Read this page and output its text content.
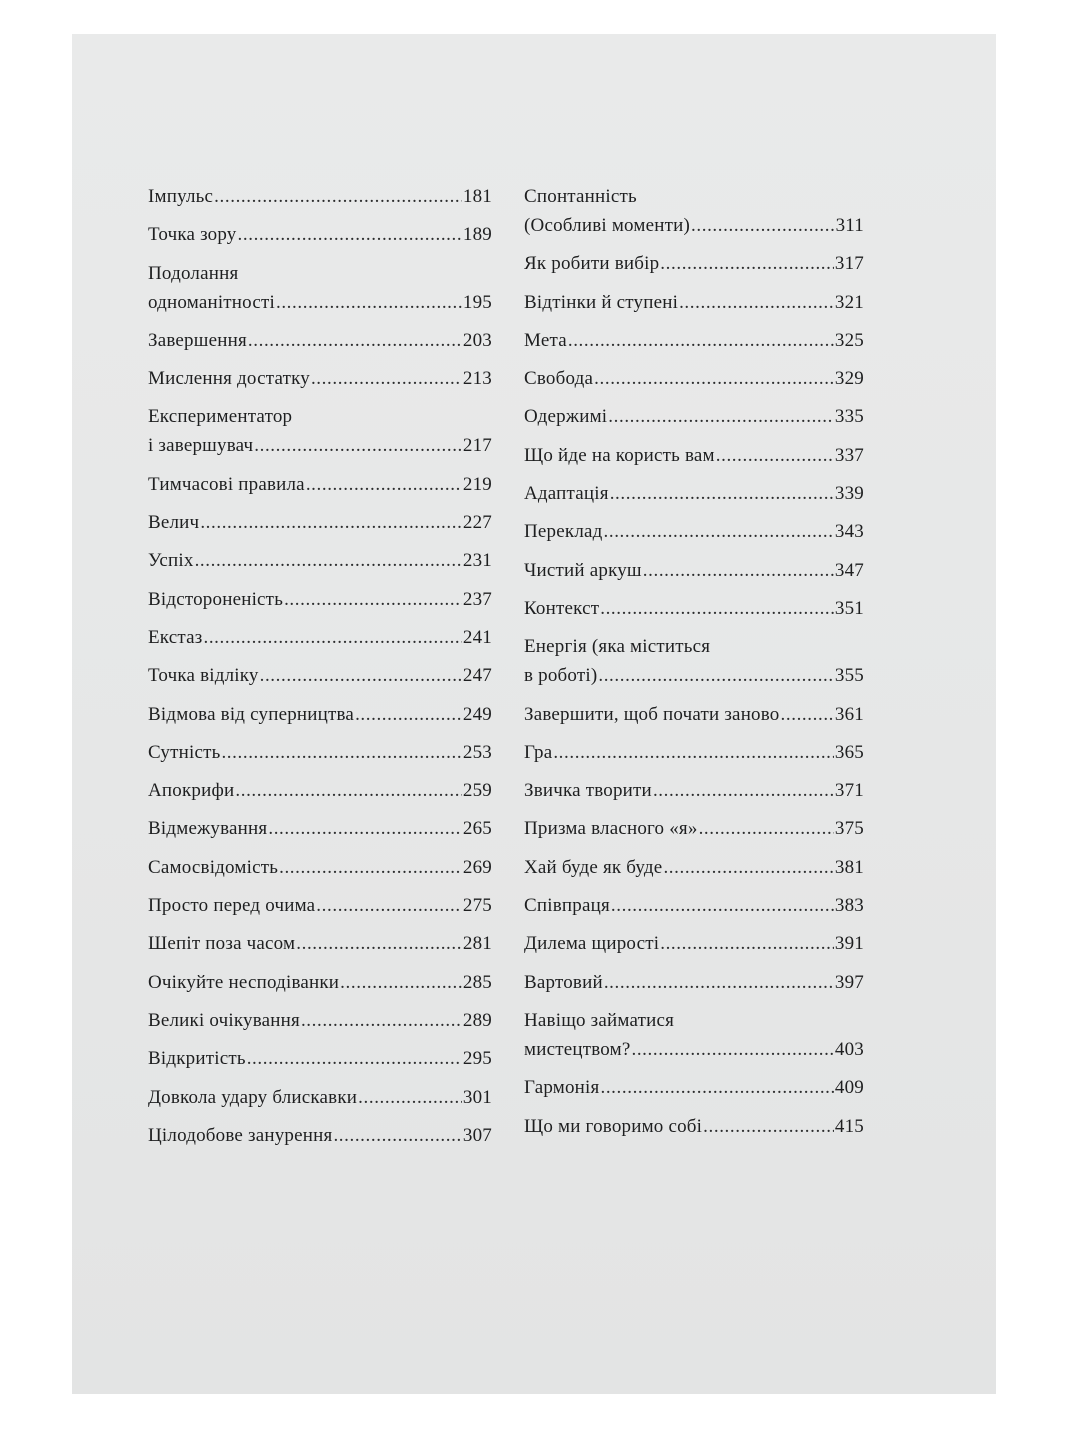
Імпульс .....	181
Точка зору .....	189
Подолання
одноманітності .....	195
Завершення .....	203
Мислення достатку .....	213
Експериментатор
і завершувач .....	217
Тимчасові правила .....	219
Велич .....	227
Успіх .....	231
Відстороненість .....	237
Екстаз .....	241
Точка відліку .....	247
Відмова від суперництва .....	249
Сутність .....	253
Апокрифи .....	259
Відмежування .....	265
Самосвідомість .....	269
Просто перед очима .....	275
Шепіт поза часом .....	281
Очікуйте несподіванки .....	285
Великі очікування .....	289
Відкритість .....	295
Довкола удару блискавки .....	301
Цілодобове занурення .....	307
Спонтанність
(Особливі моменти) .....	311
Як робити вибір .....	317
Відтінки й ступені .....	321
Мета .....	325
Свобода .....	329
Одержимі .....	335
Що йде на користь вам .....	337
Адаптація .....	339
Переклад .....	343
Чистий аркуш .....	347
Контекст .....	351
Енергія (яка міститься
в роботі) .....	355
Завершити, щоб почати заново .....	361
Гра .....	365
Звичка творити .....	371
Призма власного «я» .....	375
Хай буде як буде .....	381
Співпраця .....	383
Дилема щирості .....	391
Вартовий .....	397
Навіщо займатися
мистецтвом? .....	403
Гармонія .....	409
Що ми говоримо собі .....	415
